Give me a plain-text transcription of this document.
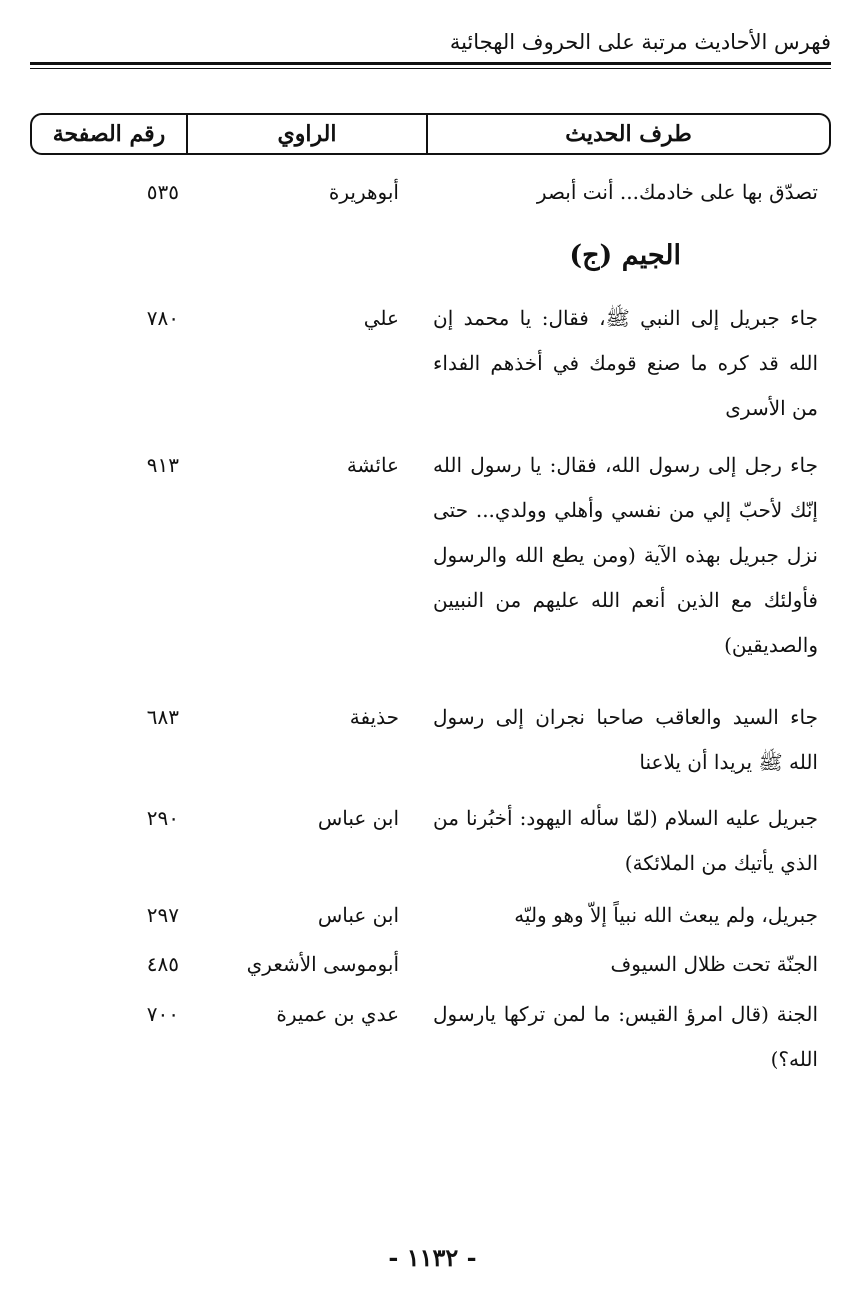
فهرس الأحاديث مرتبة على الحروف الهجائية
طرف الحديث
الراوي
رقم الصفحة
تصدّق بها على خادمك... أنت أبصر
أبوهريرة
٥٣٥
الجيم (ج)
جاء جبريل إلى النبي ﷺ، فقال: يا محمد إن الله قد كره ما صنع قومك في أخذهم الفداء من الأسرى
علي
٧٨٠
جاء رجل إلى رسول الله، فقال: يا رسول الله إنّك لأحبّ إلي من نفسي وأهلي وولدي... حتى نزل جبريل بهذه الآية (ومن يطع الله والرسول فأولئك مع الذين أنعم الله عليهم من النبيين والصديقين)
عائشة
٩١٣
جاء السيد والعاقب صاحبا نجران إلى رسول الله ﷺ يريدا أن يلاعنا
حذيفة
٦٨٣
جبريل عليه السلام (لمّا سأله اليهود: أخبُرنا من الذي يأتيك من الملائكة)
ابن عباس
٢٩٠
جبريل، ولم يبعث الله نبياً إلاّ وهو وليّه
ابن عباس
٢٩٧
الجنّة تحت ظلال السيوف
أبوموسى الأشعري
٤٨٥
الجنة (قال امرؤ القيس: ما لمن تركها يارسول الله؟)
عدي بن عميرة
٧٠٠
- ١١٣٢ -
